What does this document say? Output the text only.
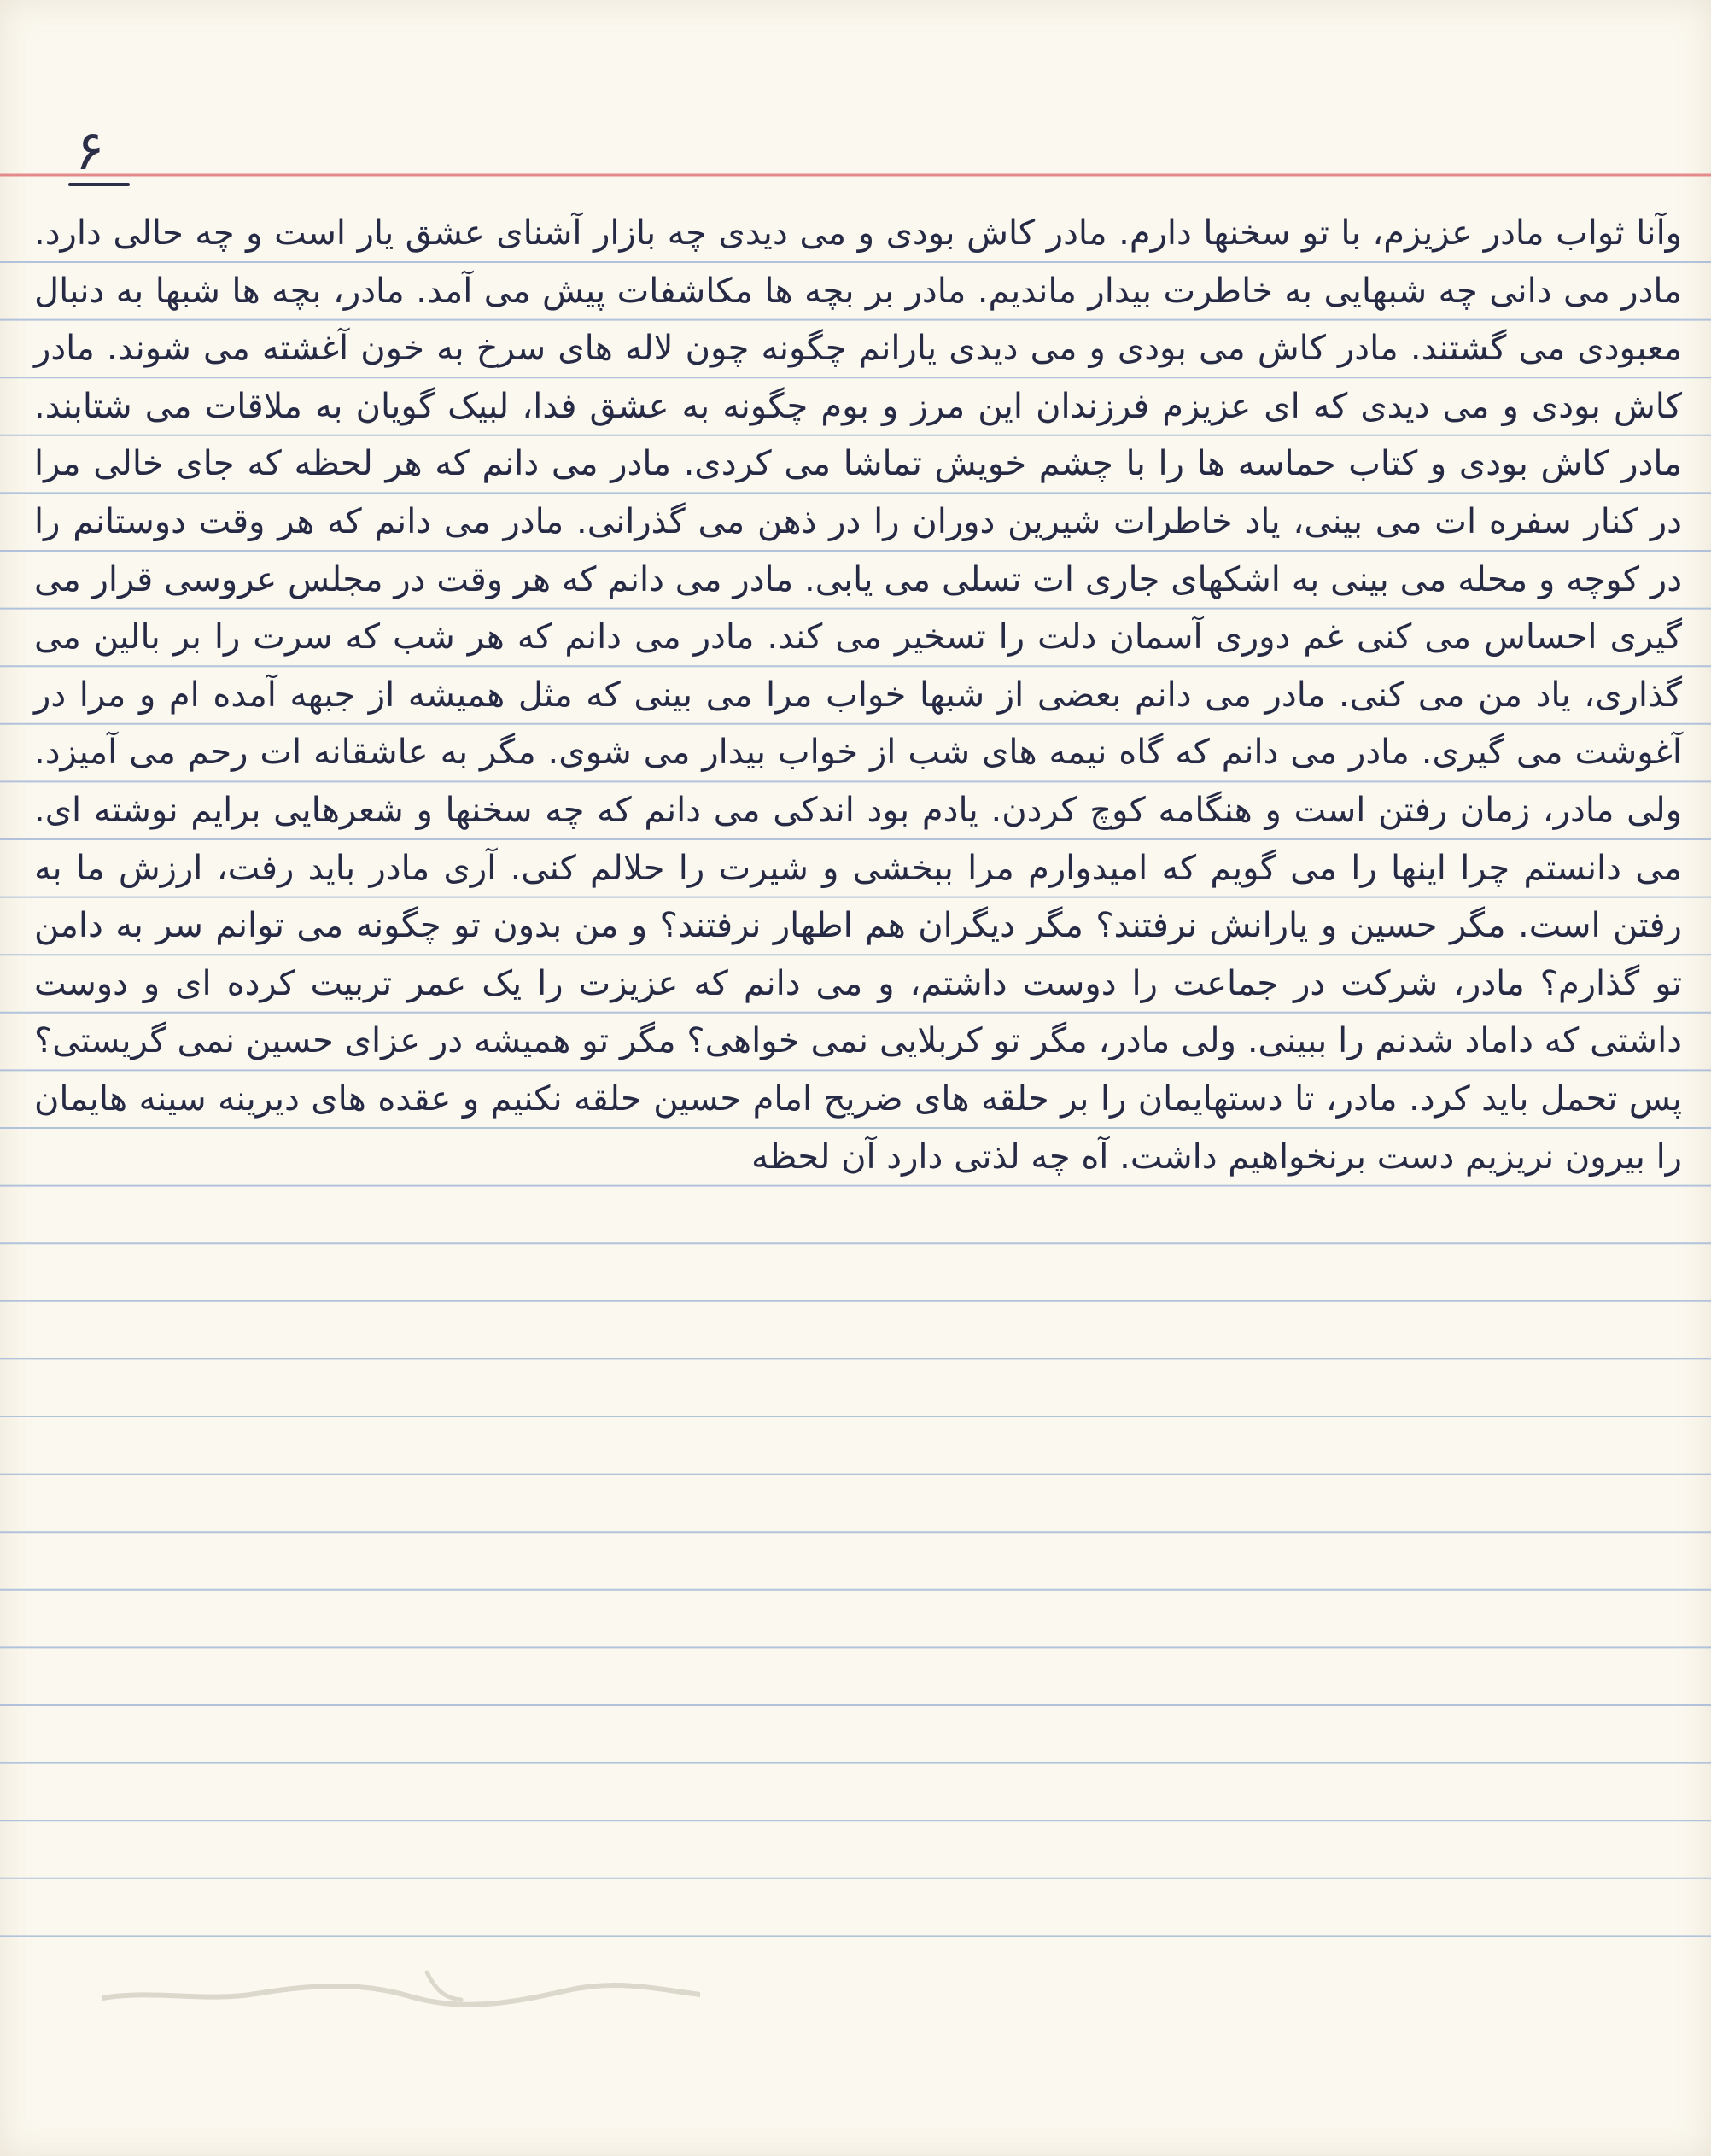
۶
وآنا ثواب مادر عزیزم، با تو سخنها دارم. مادر کاش بودی و می دیدی چه بازار آشنای عشق یار است و چه حالی دارد. مادر می دانی چه شبهایی به خاطرت بیدار ماندیم. مادر بر بچه ها مکاشفات پیش می آمد. مادر، بچه ها شبها به دنبال معبودی می گشتند. مادر کاش می بودی و می دیدی یارانم چگونه چون لاله های سرخ به خون آغشته می شوند. مادر کاش بودی و می دیدی که ای عزیزم فرزندان این مرز و بوم چگونه به عشق فدا، لبیک گویان به ملاقات می شتابند. مادر کاش بودی و کتاب حماسه ها را با چشم خویش تماشا می کردی. مادر می دانم که هر لحظه که جای خالی مرا در کنار سفره ات می بینی، یاد خاطرات شیرین دوران را در ذهن می گذرانی. مادر می دانم که هر وقت دوستانم را در کوچه و محله می بینی به اشکهای جاری ات تسلی می یابی. مادر می دانم که هر وقت در مجلس عروسی قرار می گیری احساس می کنی غم دوری آسمان دلت را تسخیر می کند. مادر می دانم که هر شب که سرت را بر بالین می گذاری، یاد من می کنی. مادر می دانم بعضی از شبها خواب مرا می بینی که مثل همیشه از جبهه آمده ام و مرا در آغوشت می گیری. مادر می دانم که گاه نیمه های شب از خواب بیدار می شوی. مگر به عاشقانه ات رحم می آمیزد. ولی مادر، زمان رفتن است و هنگامه کوچ کردن. یادم بود اندکی می دانم که چه سخنها و شعرهایی برایم نوشته ای. می دانستم چرا اینها را می گویم که امیدوارم مرا ببخشی و شیرت را حلالم کنی. آری مادر باید رفت، ارزش ما به رفتن است. مگر حسین و یارانش نرفتند؟ مگر دیگران هم اطهار نرفتند؟ و من بدون تو چگونه می توانم سر به دامن تو گذارم؟ مادر، شرکت در جماعت را دوست داشتم، و می دانم که عزیزت را یک عمر تربیت کرده ای و دوست داشتی که داماد شدنم را ببینی. ولی مادر، مگر تو کربلایی نمی خواهی؟ مگر تو همیشه در عزای حسین نمی گریستی؟ پس تحمل باید کرد. مادر، تا دستهایمان را بر حلقه های ضریح امام حسین حلقه نکنیم و عقده های دیرینه سینه هایمان را بیرون نریزیم دست برنخواهیم داشت. آه چه لذتی دارد آن لحظه
